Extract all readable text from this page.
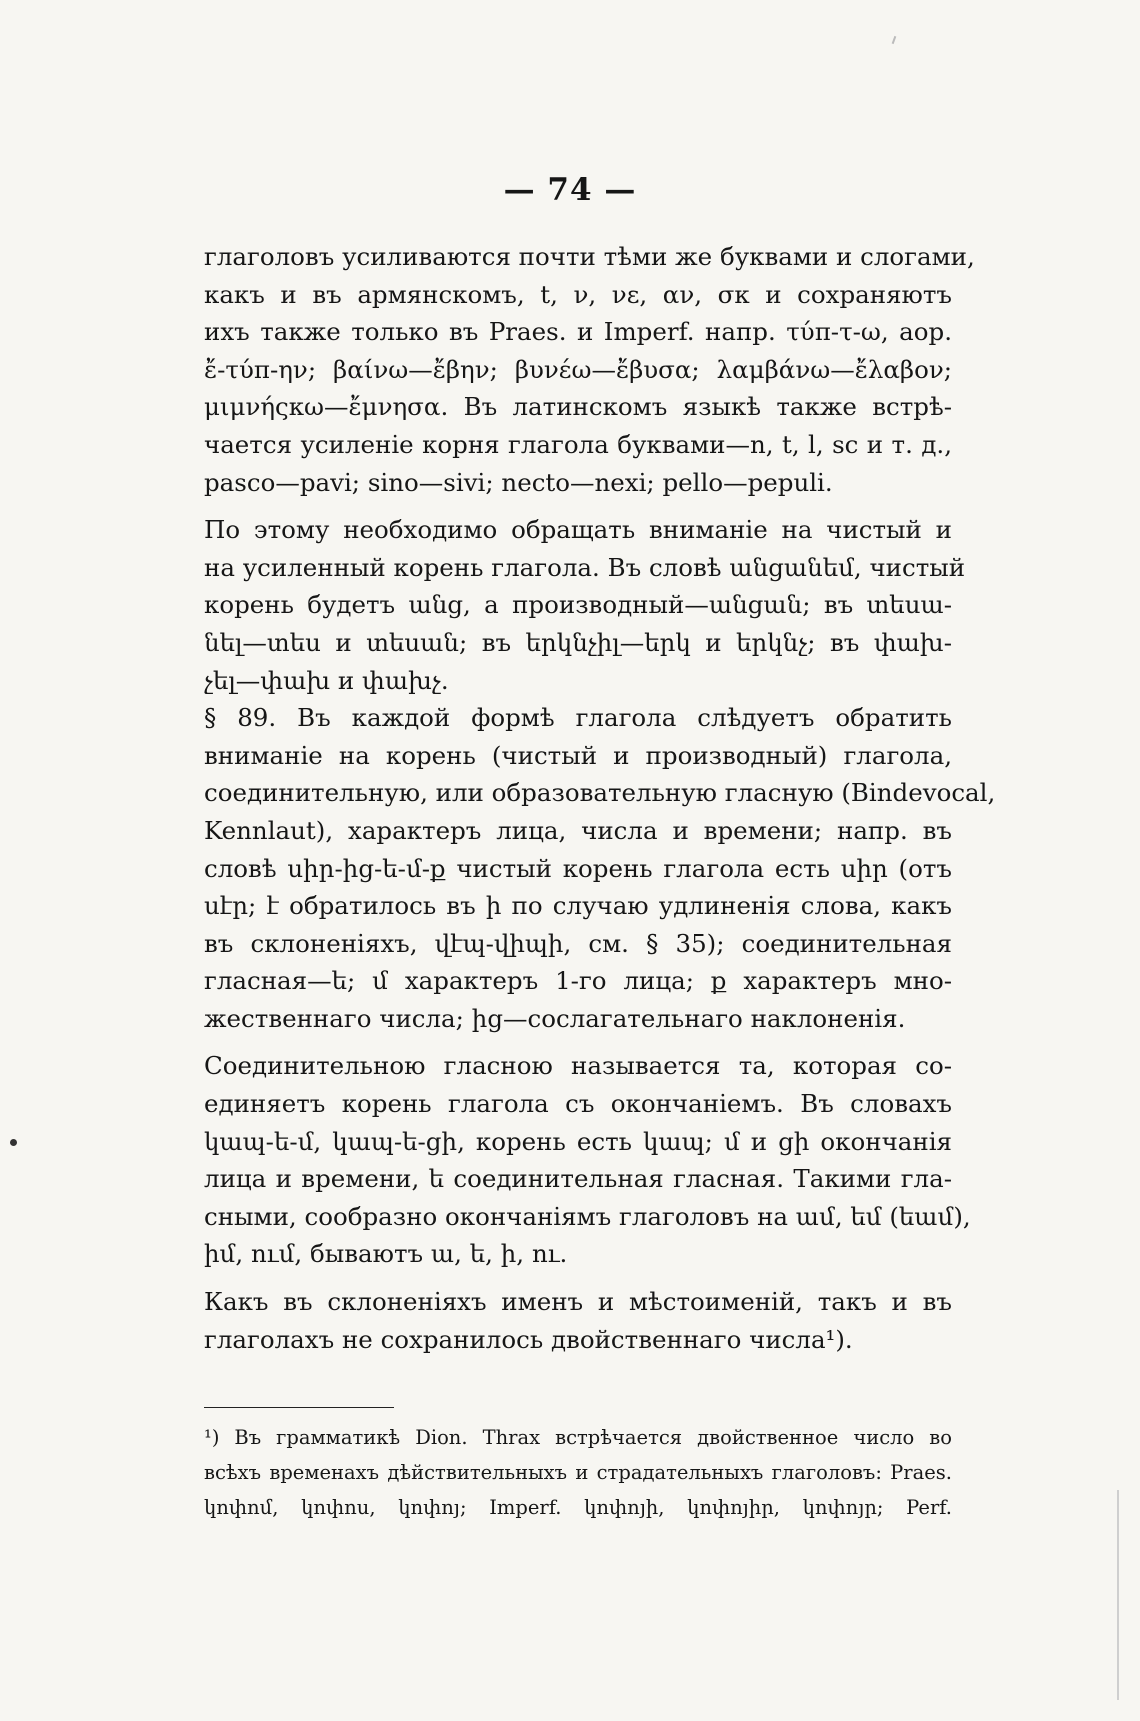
— 74 —
глаголовъ усиливаются почти тѣми же буквами и слогами,
какъ и въ армянскомъ, t, ν, νε, αν, σκ и сохраняютъ
ихъ также только въ Praes. и Imperf. напр. τύπ-τ-ω, аор.
ἔ-τύπ-ην; βαίνω—ἔβην; βυνέω—ἔβυσα; λαμβάνω—ἔλαβον;
μιμνήςκω—ἔμνησα. Въ латинскомъ языкѣ также встрѣ-
чается усиленіе корня глагола буквами—n, t, l, sc и т. д.,
pasco—pavi; sino—sivi; necto—nexi; pello—pepuli.
По этому необходимо обращать вниманіе на чистый и
на усиленный корень глагола. Въ словѣ անցանեմ, чистый
корень будетъ անց, а производный—անցան; въ տեսա-
նել—տես и տեսան; въ երկնչիլ—երկ и երկնչ; въ փախ-
չել—փախ и փախչ.
§ 89. Въ каждой формѣ глагола слѣдуетъ обратить
вниманіе на корень (чистый и производный) глагола,
соединительную, или образовательную гласную (Bindevocal,
Kennlaut), характеръ лица, числа и времени; напр. въ
словѣ սիր-ից-ե-մ-ք чистый корень глагола есть սիր (отъ
սէր; է обратилось въ ի по случаю удлиненія слова, какъ
въ склоненіяхъ, վէպ-վիպի, см. § 35); соединительная
гласная—ե; մ характеръ 1-го лица; ք характеръ мно-
жественнаго числа; ից—сослагательнаго наклоненія.
Соединительною гласною называется та, которая со-
единяетъ корень глагола съ окончаніемъ. Въ словахъ
կապ-ե-մ, կապ-ե-ցի, корень есть կապ; մ и ցի окончанія
лица и времени, ե соединительная гласная. Такими гла-
сными, сообразно окончаніямъ глаголовъ на ամ, եմ (եամ),
իմ, ում, бываютъ ա, ե, ի, ու.
Какъ въ склоненіяхъ именъ и мѣстоименій, такъ и въ
глаголахъ не сохранилось двойственнаго числа¹).
¹) Въ грамматикѣ Dion. Thrax встрѣчается двойственное число во
всѣхъ временахъ дѣйствительныхъ и страдательныхъ глаголовъ: Praes.
կոփոմ, կոփոս, կոփոյ; Imperf. կոփոյի, կոփոյիր, կոփոյր; Perf.
